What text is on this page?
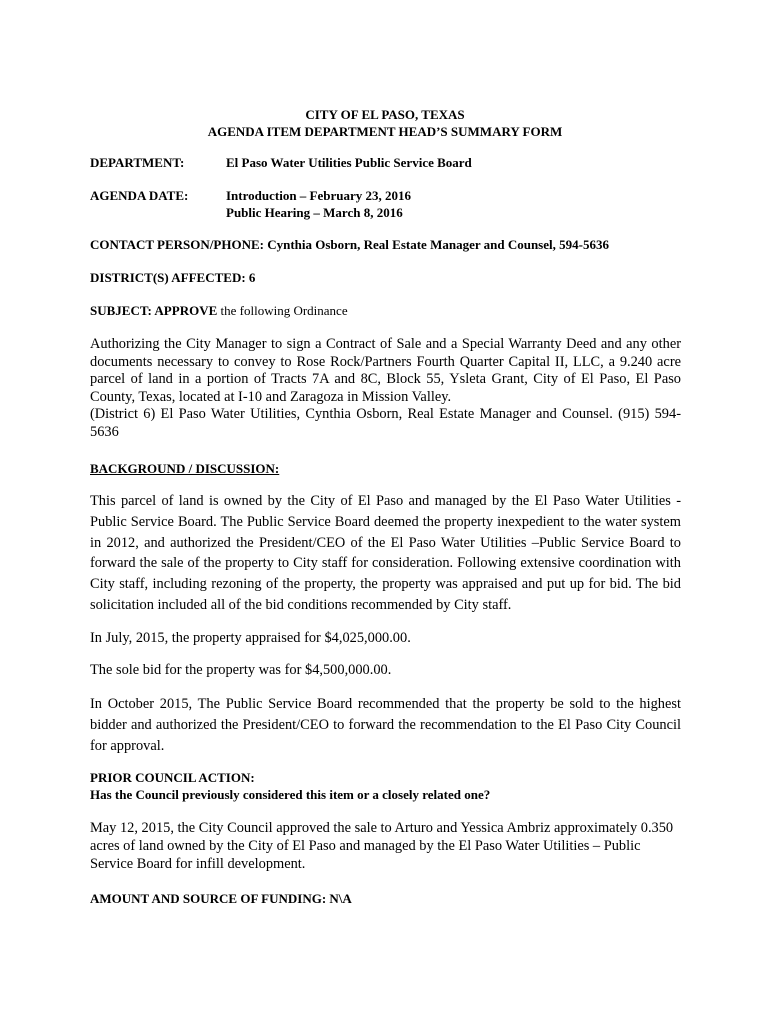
CITY OF EL PASO, TEXAS
AGENDA ITEM DEPARTMENT HEAD’S SUMMARY FORM
DEPARTMENT:	El Paso Water Utilities Public Service Board
AGENDA DATE:	Introduction – February 23, 2016
Public Hearing – March 8, 2016
CONTACT PERSON/PHONE: Cynthia Osborn, Real Estate Manager and Counsel, 594-5636
DISTRICT(S) AFFECTED: 6
SUBJECT: APPROVE the following Ordinance
Authorizing the City Manager to sign a Contract of Sale and a Special Warranty Deed and any other documents necessary to convey to Rose Rock/Partners Fourth Quarter Capital II, LLC, a 9.240 acre parcel of land in a portion of Tracts 7A and 8C, Block 55, Ysleta Grant, City of El Paso, El Paso County, Texas, located at I-10 and Zaragoza in Mission Valley.
(District 6) El Paso Water Utilities, Cynthia Osborn, Real Estate Manager and Counsel. (915) 594-5636
BACKGROUND / DISCUSSION:
This parcel of land is owned by the City of El Paso and managed by the El Paso Water Utilities - Public Service Board. The Public Service Board deemed the property inexpedient to the water system in 2012, and authorized the President/CEO of the El Paso Water Utilities –Public Service Board to forward the sale of the property to City staff for consideration. Following extensive coordination with City staff, including rezoning of the property, the property was appraised and put up for bid. The bid solicitation included all of the bid conditions recommended by City staff.
In July, 2015, the property appraised for $4,025,000.00.
The sole bid for the property was for $4,500,000.00.
In October 2015, The Public Service Board recommended that the property be sold to the highest bidder and authorized the President/CEO to forward the recommendation to the El Paso City Council for approval.
PRIOR COUNCIL ACTION:
Has the Council previously considered this item or a closely related one?
May 12, 2015, the City Council approved the sale to Arturo and Yessica Ambriz approximately 0.350 acres of land owned by the City of El Paso and managed by the El Paso Water Utilities – Public Service Board for infill development.
AMOUNT AND SOURCE OF FUNDING: N\A
